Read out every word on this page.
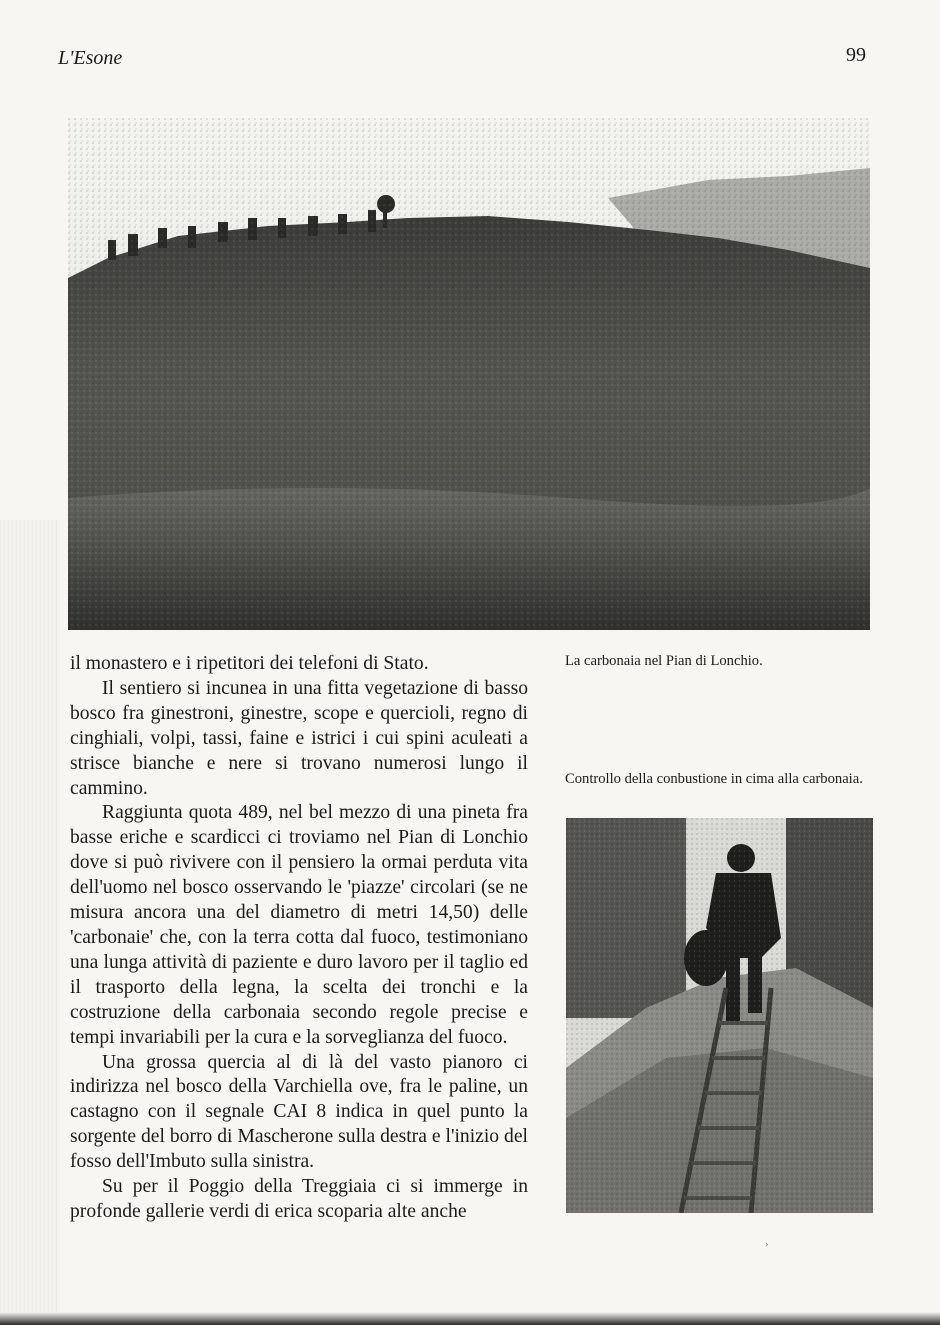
L'Esone	99

il monastero e i ripetitori dei telefoni di Stato.

Il sentiero si incunea in una fitta vegetazione di basso bosco fra ginestroni, ginestre, scope e quercioli, regno di cinghiali, volpi, tassi, faine e istrici i cui spini aculeati a strisce bianche e nere si trovano numerosi lungo il cammino.

Raggiunta quota 489, nel bel mezzo di una pineta fra basse eriche e scardicci ci troviamo nel Pian di Lonchio dove si può rivivere con il pensiero la ormai perduta vita dell'uomo nel bosco osservando le 'piazze' circolari (se ne misura ancora una del diametro di metri 14,50) delle 'carbonaie' che, con la terra cotta dal fuoco, testimoniano una lunga attività di paziente e duro lavoro per il taglio ed il trasporto della legna, la scelta dei tronchi e la costruzione della carbonaia secondo regole precise e tempi invariabili per la cura e la sorveglianza del fuoco.

Una grossa quercia al di là del vasto pianoro ci indirizza nel bosco della Varchiella ove, fra le paline, un castagno con il segnale CAI 8 indica in quel punto la sorgente del borro di Mascherone sulla destra e l'inizio del fosso dell'Imbuto sulla sinistra.

Su per il Poggio della Treggiaia ci si immerge in profonde gallerie verdi di erica scoparia alte anche

La carbonaia nel Pian di Lonchio.

Controllo della conbustione in cima alla carbonaia.

›
